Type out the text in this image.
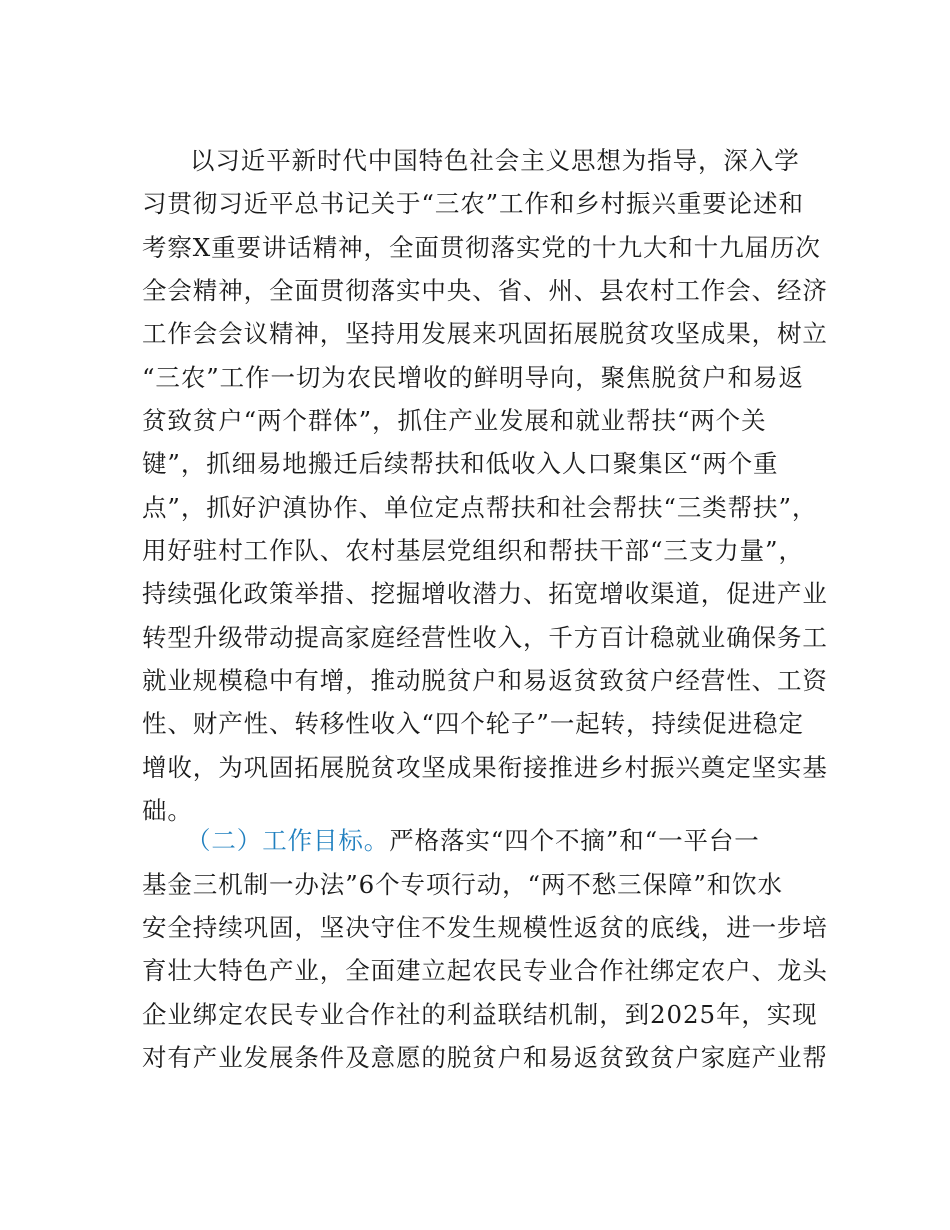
以习近平新时代中国特色社会主义思想为指导，深入学
习贯彻习近平总书记关于“三农”工作和乡村振兴重要论述和
考察X重要讲话精神，全面贯彻落实党的十九大和十九届历次
全会精神，全面贯彻落实中央、省、州、县农村工作会、经济
工作会会议精神，坚持用发展来巩固拓展脱贫攻坚成果，树立
“三农”工作一切为农民增收的鲜明导向，聚焦脱贫户和易返
贫致贫户“两个群体”，抓住产业发展和就业帮扶“两个关
键”，抓细易地搬迁后续帮扶和低收入人口聚集区“两个重
点”，抓好沪滇协作、单位定点帮扶和社会帮扶“三类帮扶”，
用好驻村工作队、农村基层党组织和帮扶干部“三支力量”，
持续强化政策举措、挖掘增收潜力、拓宽增收渠道，促进产业
转型升级带动提高家庭经营性收入，千方百计稳就业确保务工
就业规模稳中有增，推动脱贫户和易返贫致贫户经营性、工资
性、财产性、转移性收入“四个轮子”一起转，持续促进稳定
增收，为巩固拓展脱贫攻坚成果衔接推进乡村振兴奠定坚实基
础。
（二）工作目标。严格落实“四个不摘”和“一平台一
基金三机制一办法”6个专项行动，“两不愁三保障”和饮水
安全持续巩固，坚决守住不发生规模性返贫的底线，进一步培
育壮大特色产业，全面建立起农民专业合作社绑定农户、龙头
企业绑定农民专业合作社的利益联结机制，到2025年，实现
对有产业发展条件及意愿的脱贫户和易返贫致贫户家庭产业帮
